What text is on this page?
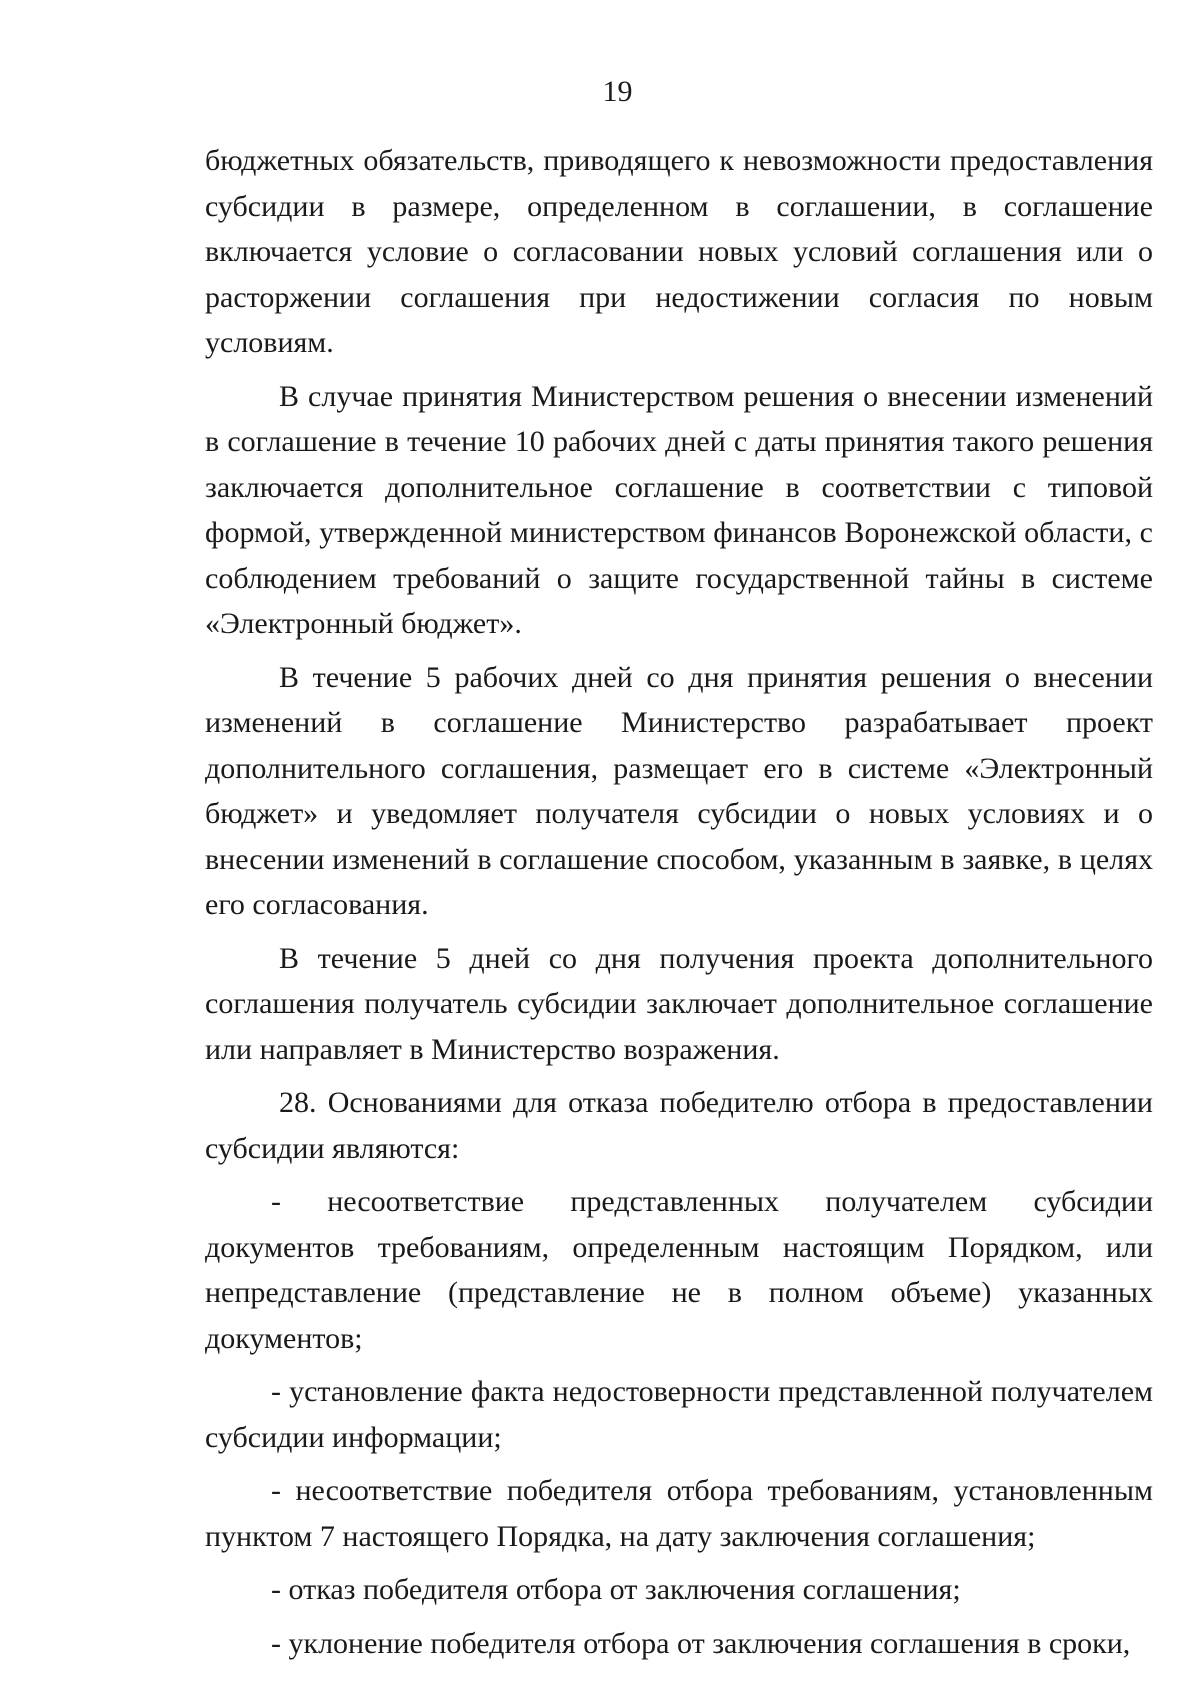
19

бюджетных обязательств, приводящего к невозможности предоставления субсидии в размере, определенном в соглашении, в соглашение включается условие о согласовании новых условий соглашения или о расторжении соглашения при недостижении согласия по новым условиям.

В случае принятия Министерством решения о внесении изменений в соглашение в течение 10 рабочих дней с даты принятия такого решения заключается дополнительное соглашение в соответствии с типовой формой, утвержденной министерством финансов Воронежской области, с соблюдением требований о защите государственной тайны в системе «Электронный бюджет».

В течение 5 рабочих дней со дня принятия решения о внесении изменений в соглашение Министерство разрабатывает проект дополнительного соглашения, размещает его в системе «Электронный бюджет» и уведомляет получателя субсидии о новых условиях и о внесении изменений в соглашение способом, указанным в заявке, в целях его согласования.

В течение 5 дней со дня получения проекта дополнительного соглашения получатель субсидии заключает дополнительное соглашение или направляет в Министерство возражения.

28. Основаниями для отказа победителю отбора в предоставлении субсидии являются:

- несоответствие представленных получателем субсидии документов требованиям, определенным настоящим Порядком, или непредставление (представление не в полном объеме) указанных документов;

- установление факта недостоверности представленной получателем субсидии информации;

- несоответствие победителя отбора требованиям, установленным пунктом 7 настоящего Порядка, на дату заключения соглашения;

- отказ победителя отбора от заключения соглашения;

- уклонение победителя отбора от заключения соглашения в сроки,
